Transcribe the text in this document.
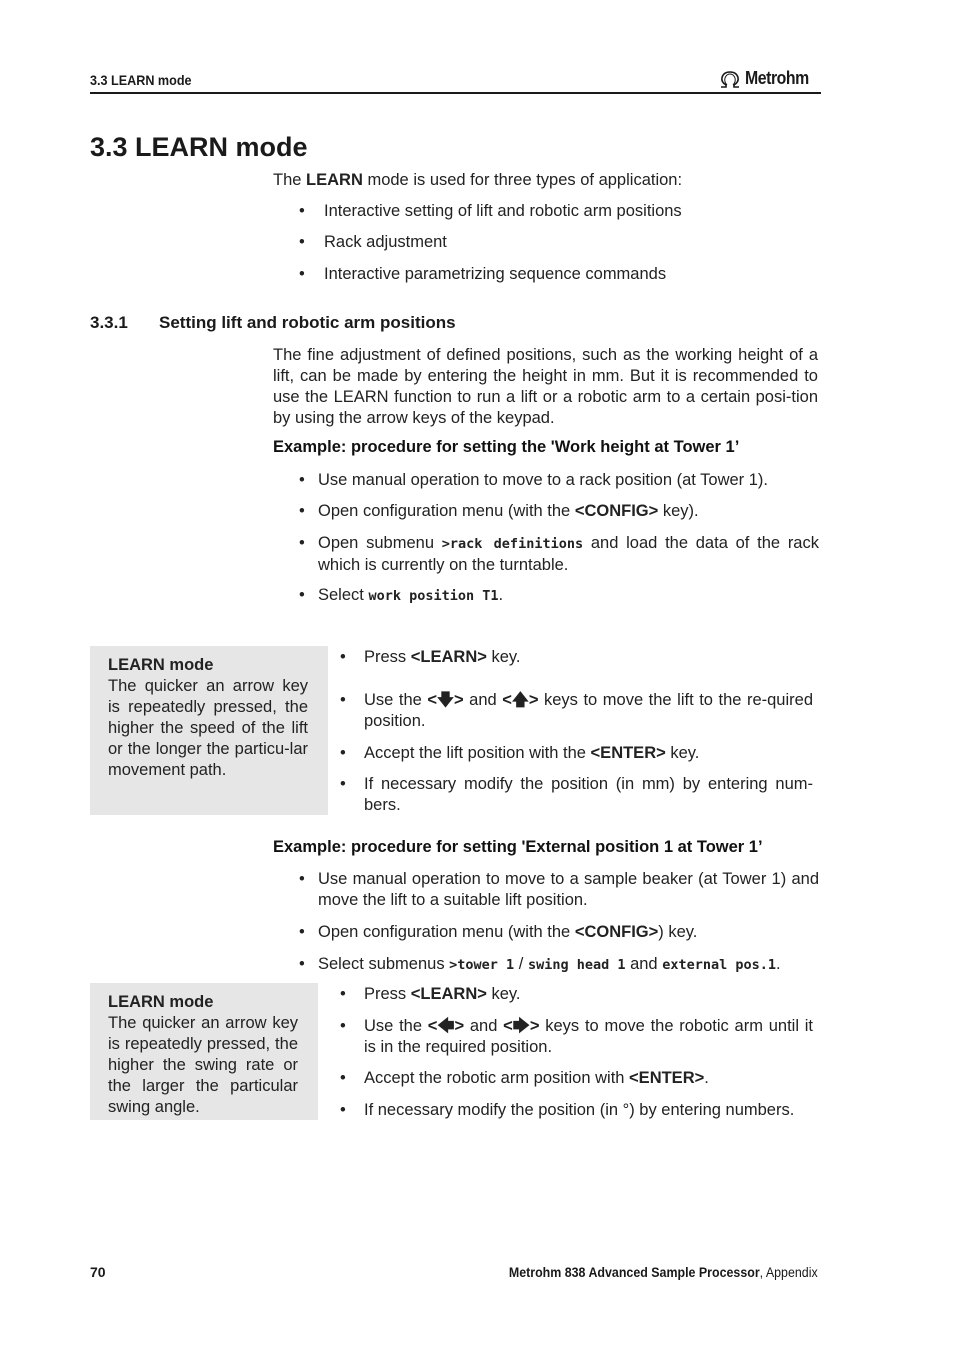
3.3 LEARN mode	Metrohm
3.3 LEARN mode
The LEARN mode is used for three types of application:
• Interactive setting of lift and robotic arm positions
• Rack adjustment
• Interactive parametrizing sequence commands
3.3.1 Setting lift and robotic arm positions
The fine adjustment of defined positions, such as the working height of a lift, can be made by entering the height in mm. But it is recommended to use the LEARN function to run a lift or a robotic arm to a certain posi-tion by using the arrow keys of the keypad.
Example: procedure for setting the 'Work height at Tower 1’
• Use manual operation to move to a rack position (at Tower 1).
• Open configuration menu (with the <CONFIG> key).
• Open submenu >rack definitions and load the data of the rack which is currently on the turntable.
• Select work position T1.
LEARN mode
The quicker an arrow key is repeatedly pressed, the higher the speed of the lift or the longer the particu-lar movement path.
• Press <LEARN> key.
• Use the <🡇> and <🡅> keys to move the lift to the re-quired position.
• Accept the lift position with the <ENTER> key.
• If necessary modify the position (in mm) by entering num-bers.
Example: procedure for setting 'External position 1 at Tower 1’
• Use manual operation to move to a sample beaker (at Tower 1) and move the lift to a suitable lift position.
• Open configuration menu (with the <CONFIG>) key.
• Select submenus >tower 1 / swing head 1 and external pos.1.
LEARN mode
The quicker an arrow key is repeatedly pressed, the higher the swing rate or the larger the particular swing angle.
• Press <LEARN> key.
• Use the <🡄> and <🡆> keys to move the robotic arm until it is in the required position.
• Accept the robotic arm position with <ENTER>.
• If necessary modify the position (in °) by entering numbers.
70	Metrohm 838 Advanced Sample Processor, Appendix
